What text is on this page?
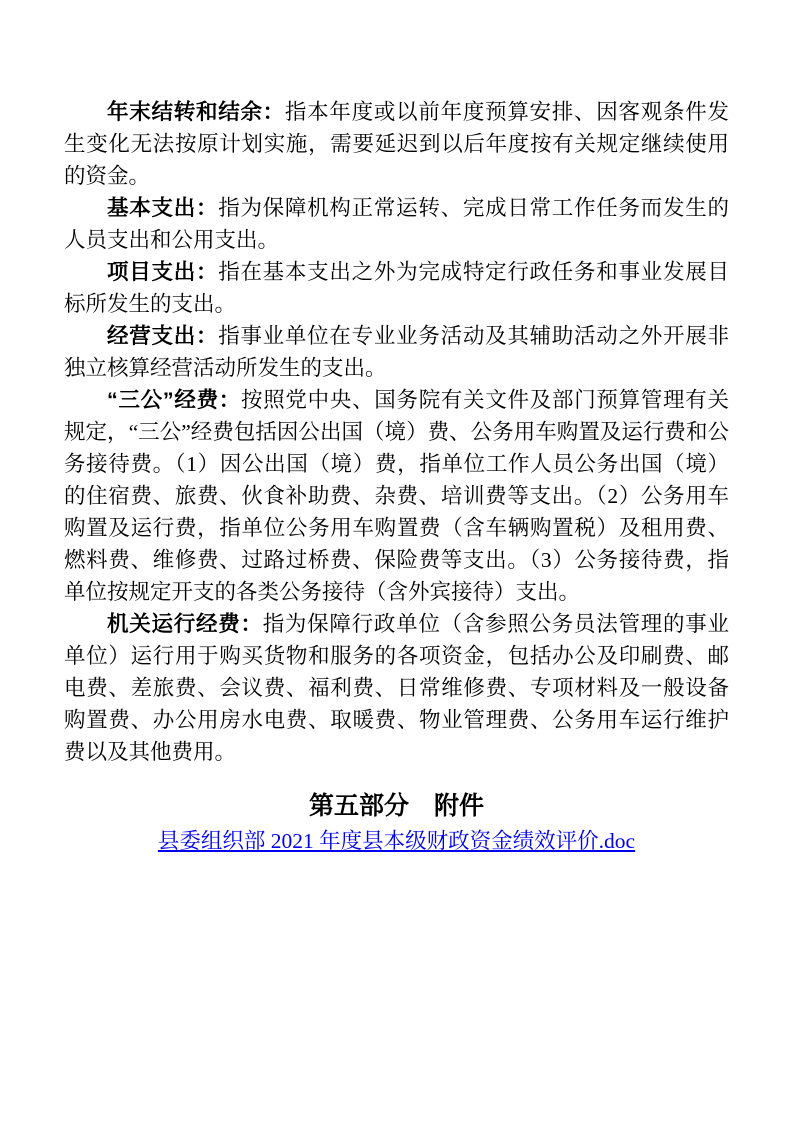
年末结转和结余：指本年度或以前年度预算安排、因客观条件发生变化无法按原计划实施，需要延迟到以后年度按有关规定继续使用的资金。

基本支出：指为保障机构正常运转、完成日常工作任务而发生的人员支出和公用支出。

项目支出：指在基本支出之外为完成特定行政任务和事业发展目标所发生的支出。

经营支出：指事业单位在专业业务活动及其辅助活动之外开展非独立核算经营活动所发生的支出。

“三公”经费：按照党中央、国务院有关文件及部门预算管理有关规定，“三公”经费包括因公出国（境）费、公务用车购置及运行费和公务接待费。（1）因公出国（境）费，指单位工作人员公务出国（境）的住宿费、旅费、伙食补助费、杂费、培训费等支出。（2）公务用车购置及运行费，指单位公务用车购置费（含车辆购置税）及租用费、燃料费、维修费、过路过桥费、保险费等支出。（3）公务接待费，指单位按规定开支的各类公务接待（含外宾接待）支出。

机关运行经费：指为保障行政单位（含参照公务员法管理的事业单位）运行用于购买货物和服务的各项资金，包括办公及印刷费、邮电费、差旅费、会议费、福利费、日常维修费、专项材料及一般设备购置费、办公用房水电费、取暖费、物业管理费、公务用车运行维护费以及其他费用。

第五部分　附件

县委组织部 2021 年度县本级财政资金绩效评价.doc
